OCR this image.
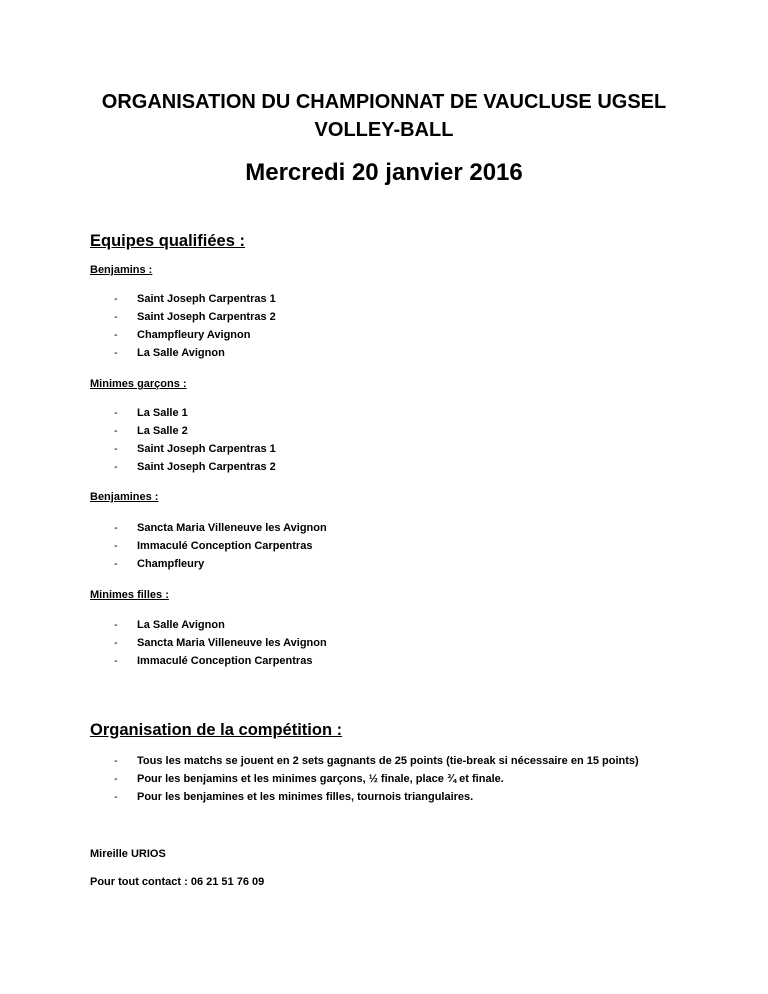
ORGANISATION DU CHAMPIONNAT DE VAUCLUSE UGSEL
VOLLEY-BALL
Mercredi 20 janvier 2016
Equipes qualifiées :
Benjamins :
- Saint Joseph Carpentras 1
- Saint Joseph Carpentras 2
- Champfleury Avignon
- La Salle Avignon
Minimes garçons :
- La Salle 1
- La Salle 2
- Saint Joseph Carpentras 1
- Saint Joseph Carpentras 2
Benjamines :
- Sancta Maria Villeneuve les Avignon
- Immaculé Conception Carpentras
- Champfleury
Minimes filles :
- La Salle Avignon
- Sancta Maria Villeneuve les Avignon
- Immaculé Conception Carpentras
Organisation de la compétition :
- Tous les matchs se jouent en 2 sets gagnants de 25 points (tie-break si nécessaire en 15 points)
- Pour les benjamins et les minimes garçons, ½ finale, place ¾ et finale.
- Pour les benjamines et les minimes filles, tournois triangulaires.
Mireille URIOS
Pour tout contact : 06 21 51 76 09
